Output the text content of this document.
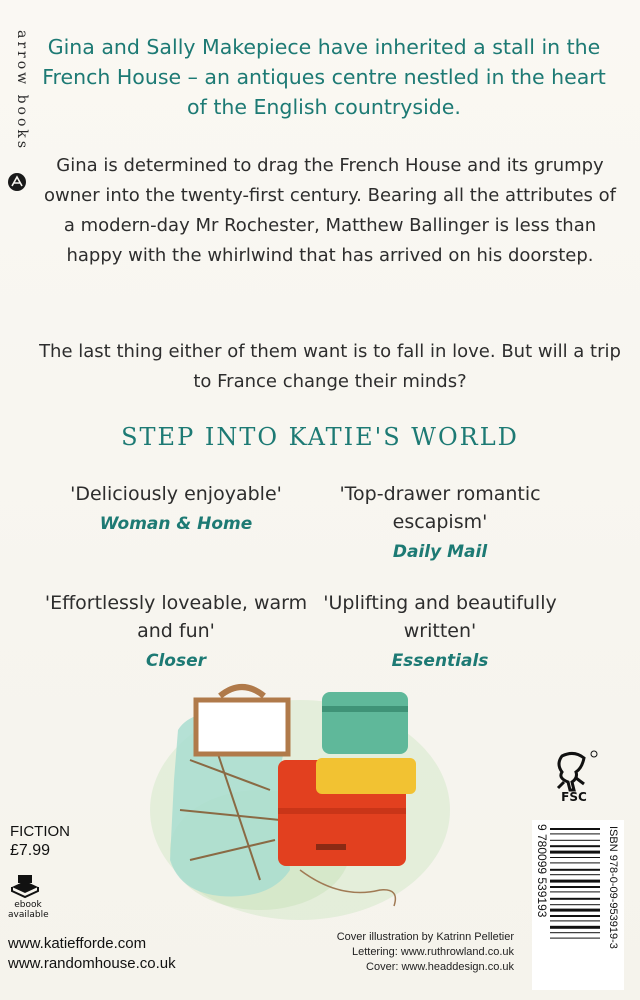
arrow books Gina and Sally Makepiece have inherited a stall in the French House – an antiques centre nestled in the heart of the English countryside.

Gina is determined to drag the French House and its grumpy owner into the twenty-first century. Bearing all the attributes of a modern-day Mr Rochester, Matthew Ballinger is less than happy with the whirlwind that has arrived on his doorstep.

The last thing either of them want is to fall in love. But will a trip to France change their minds?

STEP INTO KATIE'S WORLD
'Deliciously enjoyable'
Woman & Home
'Top-drawer romantic escapism'
Daily Mail
'Effortlessly loveable, warm and fun'
Closer
'Uplifting and beautifully written'
Essentials
FSC
ISBN 978-0-09-953919-3
9 780099 539193
FICTION
£7.99
ebook available
www.katiefforde.com
www.randomhouse.co.uk
Cover illustration by Katrinn Pelletier
Lettering: www.ruthrowland.co.uk
Cover: www.headdesign.co.uk
